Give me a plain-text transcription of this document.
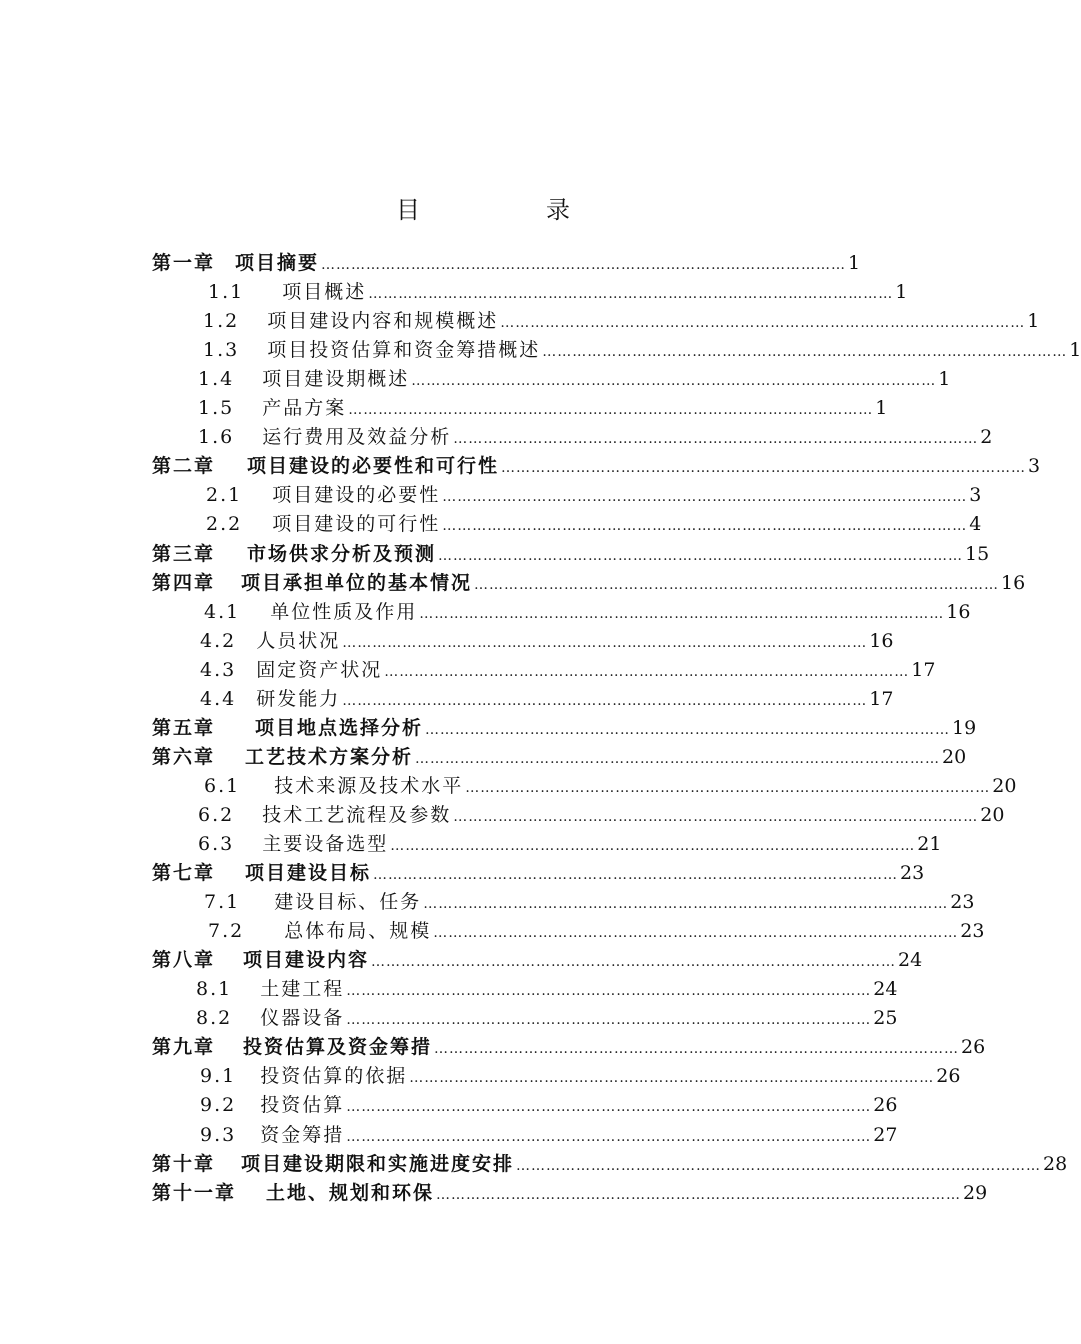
目	录
第一章 项目摘要 …………………………………………………………………………………………… 1
1.1 项目概述 …………………………………………………………………………………………… 1
1.2 项目建设内容和规模概述 …………………………………………………………………………………………… 1
1.3 项目投资估算和资金筹措概述 …………………………………………………………………………………………… 1
1.4 项目建设期概述 …………………………………………………………………………………………… 1
1.5 产品方案 …………………………………………………………………………………………… 1
1.6 运行费用及效益分析 …………………………………………………………………………………………… 2
第二章 项目建设的必要性和可行性 …………………………………………………………………………………………… 3
2.1 项目建设的必要性 …………………………………………………………………………………………… 3
2.2 项目建设的可行性 …………………………………………………………………………………………… 4
第三章 市场供求分析及预测 …………………………………………………………………………………………… 15
第四章 项目承担单位的基本情况 …………………………………………………………………………………………… 16
4.1 单位性质及作用 …………………………………………………………………………………………… 16
4.2 人员状况 …………………………………………………………………………………………… 16
4.3 固定资产状况 …………………………………………………………………………………………… 17
4.4 研发能力 …………………………………………………………………………………………… 17
第五章 项目地点选择分析 …………………………………………………………………………………………… 19
第六章 工艺技术方案分析 …………………………………………………………………………………………… 20
6.1 技术来源及技术水平 …………………………………………………………………………………………… 20
6.2 技术工艺流程及参数 …………………………………………………………………………………………… 20
6.3 主要设备选型 …………………………………………………………………………………………… 21
第七章 项目建设目标 …………………………………………………………………………………………… 23
7.1 建设目标、任务 …………………………………………………………………………………………… 23
7.2 总体布局、规模 …………………………………………………………………………………………… 23
第八章 项目建设内容 …………………………………………………………………………………………… 24
8.1 土建工程 …………………………………………………………………………………………… 24
8.2 仪器设备 …………………………………………………………………………………………… 25
第九章 投资估算及资金筹措 …………………………………………………………………………………………… 26
9.1 投资估算的依据 …………………………………………………………………………………………… 26
9.2 投资估算 …………………………………………………………………………………………… 26
9.3 资金筹措 …………………………………………………………………………………………… 27
第十章 项目建设期限和实施进度安排 …………………………………………………………………………………………… 28
第十一章 土地、规划和环保 …………………………………………………………………………………………… 29
